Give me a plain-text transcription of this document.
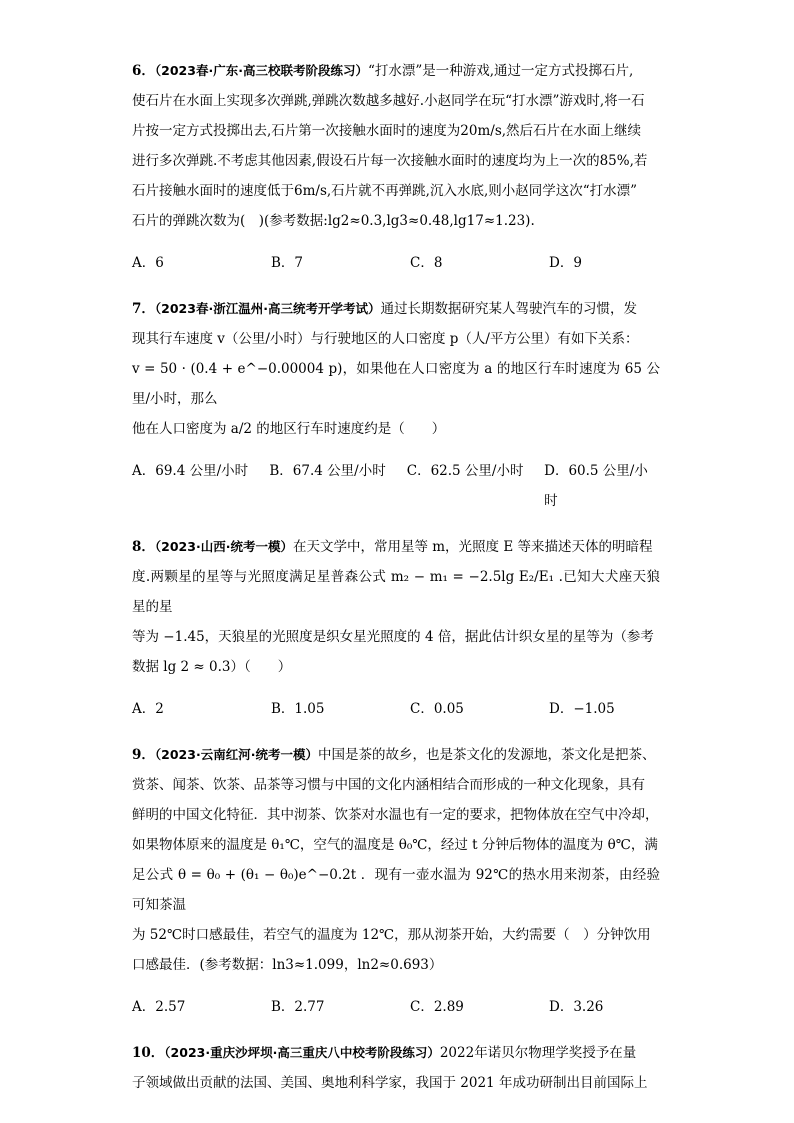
6．（2023春·广东·高三校联考阶段练习）“打水漂”是一种游戏,通过一定方式投掷石片,
使石片在水面上实现多次弹跳,弹跳次数越多越好.小赵同学在玩“打水漂”游戏时,将一石
片按一定方式投掷出去,石片第一次接触水面时的速度为20m/s,然后石片在水面上继续
进行多次弹跳.不考虑其他因素,假设石片每一次接触水面时的速度均为上一次的85%,若
石片接触水面时的速度低于6m/s,石片就不再弹跳,沉入水底,则小赵同学这次“打水漂”
石片的弹跳次数为(　)(参考数据:lg2≈0.3,lg3≈0.48,lg17≈1.23).
A．6	B．7	C．8	D．9
7．（2023春·浙江温州·高三统考开学考试）通过长期数据研究某人驾驶汽车的习惯，发
现其行车速度 v（公里/小时）与行驶地区的人口密度 p（人/平方公里）有如下关系：
v = 50 · (0.4 + e^−0.00004 p)，如果他在人口密度为 a 的地区行车时速度为 65 公里/小时，那么
他在人口密度为 a/2 的地区行车时速度约是（　　）
A．69.4 公里/小时	B．67.4 公里/小时	C．62.5 公里/小时	D．60.5 公里/小时
8．（2023·山西·统考一模）在天文学中，常用星等 m，光照度 E 等来描述天体的明暗程
度.两颗星的星等与光照度满足星普森公式 m₂ − m₁ = −2.5lg E₂/E₁ .已知大犬座天狼星的星
等为 −1.45，天狼星的光照度是织女星光照度的 4 倍，据此估计织女星的星等为（参考
数据 lg 2 ≈ 0.3）（　　）
A．2	B．1.05	C．0.05	D．−1.05
9．（2023·云南红河·统考一模）中国是茶的故乡，也是茶文化的发源地，茶文化是把茶、
赏茶、闻茶、饮茶、品茶等习惯与中国的文化内涵相结合而形成的一种文化现象，具有
鲜明的中国文化特征．其中沏茶、饮茶对水温也有一定的要求，把物体放在空气中冷却，
如果物体原来的温度是 θ₁℃，空气的温度是 θ₀℃，经过 t 分钟后物体的温度为 θ℃，满
足公式 θ = θ₀ + (θ₁ − θ₀)e^−0.2t ．现有一壶水温为 92℃的热水用来沏茶，由经验可知茶温
为 52℃时口感最佳，若空气的温度为 12℃，那从沏茶开始，大约需要（　）分钟饮用
口感最佳．(参考数据：ln3≈1.099，ln2≈0.693）
A．2.57	B．2.77	C．2.89	D．3.26
10．（2023·重庆沙坪坝·高三重庆八中校考阶段练习）2022年诺贝尔物理学奖授予在量
子领域做出贡献的法国、美国、奥地利科学家，我国于 2021 年成功研制出目前国际上
